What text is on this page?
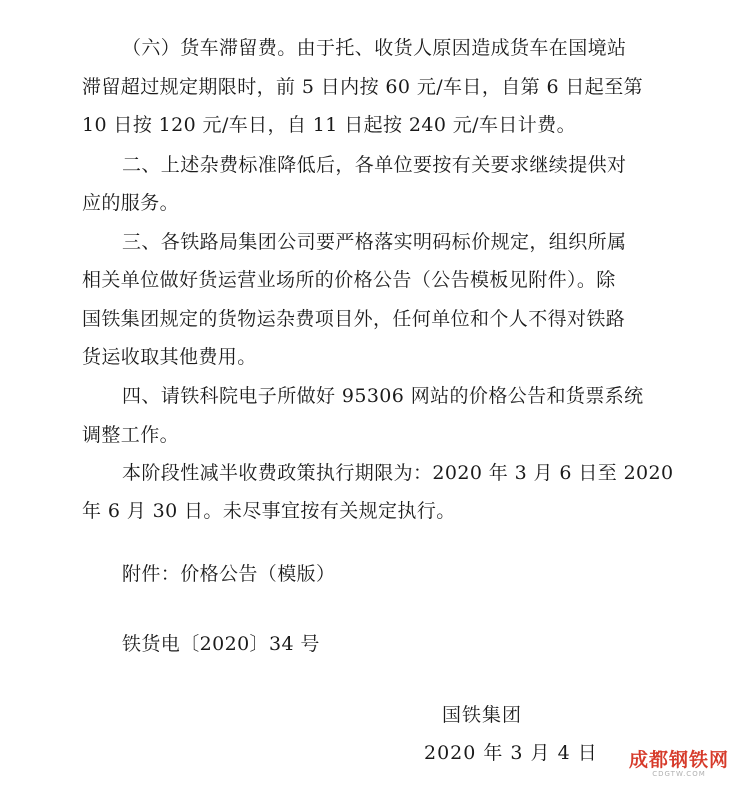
（六）货车滞留费。由于托、收货人原因造成货车在国境站
滞留超过规定期限时，前 5 日内按 60 元/车日，自第 6 日起至第
10 日按 120 元/车日，自 11 日起按 240 元/车日计费。
二、上述杂费标准降低后，各单位要按有关要求继续提供对
应的服务。
三、各铁路局集团公司要严格落实明码标价规定，组织所属
相关单位做好货运营业场所的价格公告（公告模板见附件）。除
国铁集团规定的货物运杂费项目外，任何单位和个人不得对铁路
货运收取其他费用。
四、请铁科院电子所做好 95306 网站的价格公告和货票系统
调整工作。
本阶段性减半收费政策执行期限为：2020 年 3 月 6 日至 2020
年 6 月 30 日。未尽事宜按有关规定执行。
附件：价格公告（模版）
铁货电〔2020〕34 号
国铁集团
2020 年 3 月 4 日 成都钢铁网
CDGTW.COM
